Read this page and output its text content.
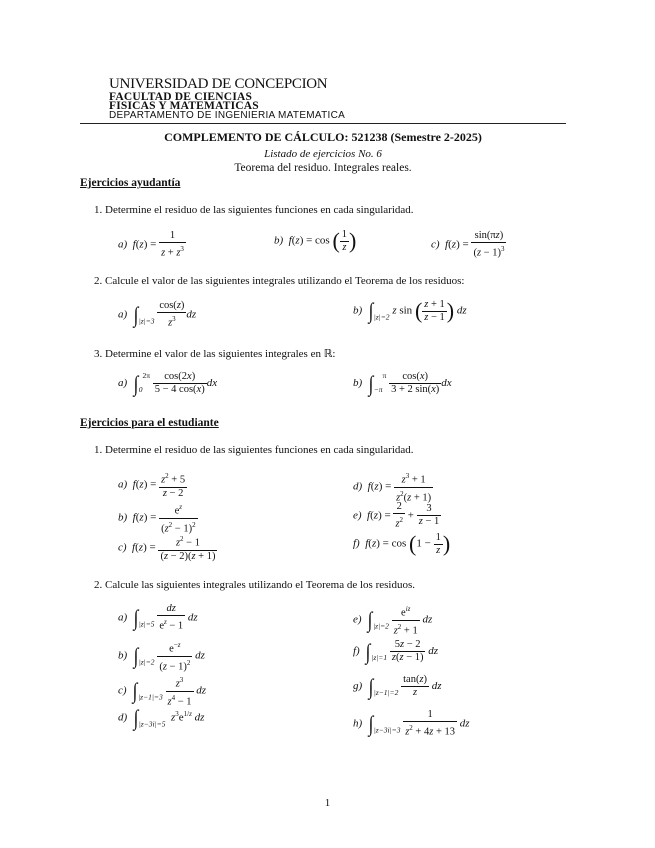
UNIVERSIDAD DE CONCEPCION
FACULTAD DE CIENCIAS
FISICAS Y MATEMATICAS
DEPARTAMENTO DE INGENIERIA MATEMATICA
COMPLEMENTO DE CÁLCULO: 521238 (Semestre 2-2025)
Listado de ejercicios No. 6
Teorema del residuo. Integrales reales.
Ejercicios ayudantía
1. Determine el residuo de las siguientes funciones en cada singularidad.
a) $f(z) = \frac{1}{z + z^3}$	b) f(z) = cos ( $\frac{1}{z}$ )	c) $f(z) = \frac{\sin(\pi z)}{(z - 1)^3}$
2. Calcule el valor de las siguientes integrales utilizando el Teorema de los residuos:
a) $\int_{|z|=3} \frac{\cos(z)}{z^3}$ dz	b) $\int_{|z|=2}$ z sin ( $\frac{z + 1}{z - 1}$ ) dz
3. Determine el valor de las siguientes integrales en ℝ:
a) $\int_0^{2\pi} \frac{\cos(2x)}{5 - 4 \cos(x)}$ dx	b) $\int_{-\pi}^\pi \frac{\cos(x)}{3 + 2 \sin(x)}$ dx
Ejercicios para el estudiante
1. Determine el residuo de las siguientes funciones en cada singularidad.
a) $f(z) = \frac{z^2 + 5}{z - 2}$	d) $f(z) = \frac{z^3 + 1}{z^2(z + 1)}$
b) $f(z) = \frac{e^z}{(z^2 - 1)^2}$	e) $f(z) = \frac{2}{z^2} + \frac{3}{z - 1}$
c) $f(z) = \frac{z^2 - 1}{(z - 2)(z + 1)}$	f) $f(z) = \cos (1 - \frac{1}{z}$ )
2. Calcule las siguientes integrales utilizando el Teorema de los residuos.
a) $\int_{|z|=5} \frac{dz}{e^z - 1}$ dz	e) $\int_{|z|=2} \frac{e^{iz}}{z^2 + 1}$ dz
b) $\int_{|z|=2} \frac{e^{-z}}{(z - 1)^2}$ dz	f) $\int_{|z|=1} \frac{5z - 2}{z(z - 1)}$ dz
c) $\int_{|z-1|=3} \frac{z^3}{z^4 - 1}$ dz	g) $\int_{|z-1|=2} \frac{\tan(z)}{z}$ dz
d) $\int_{|z-3i|=5}$  $z^3e^{1/z}$ dz	h) $\int_{|z-3i|=3} \frac{1}{z^2 + 4z + 13}$ dz
1
